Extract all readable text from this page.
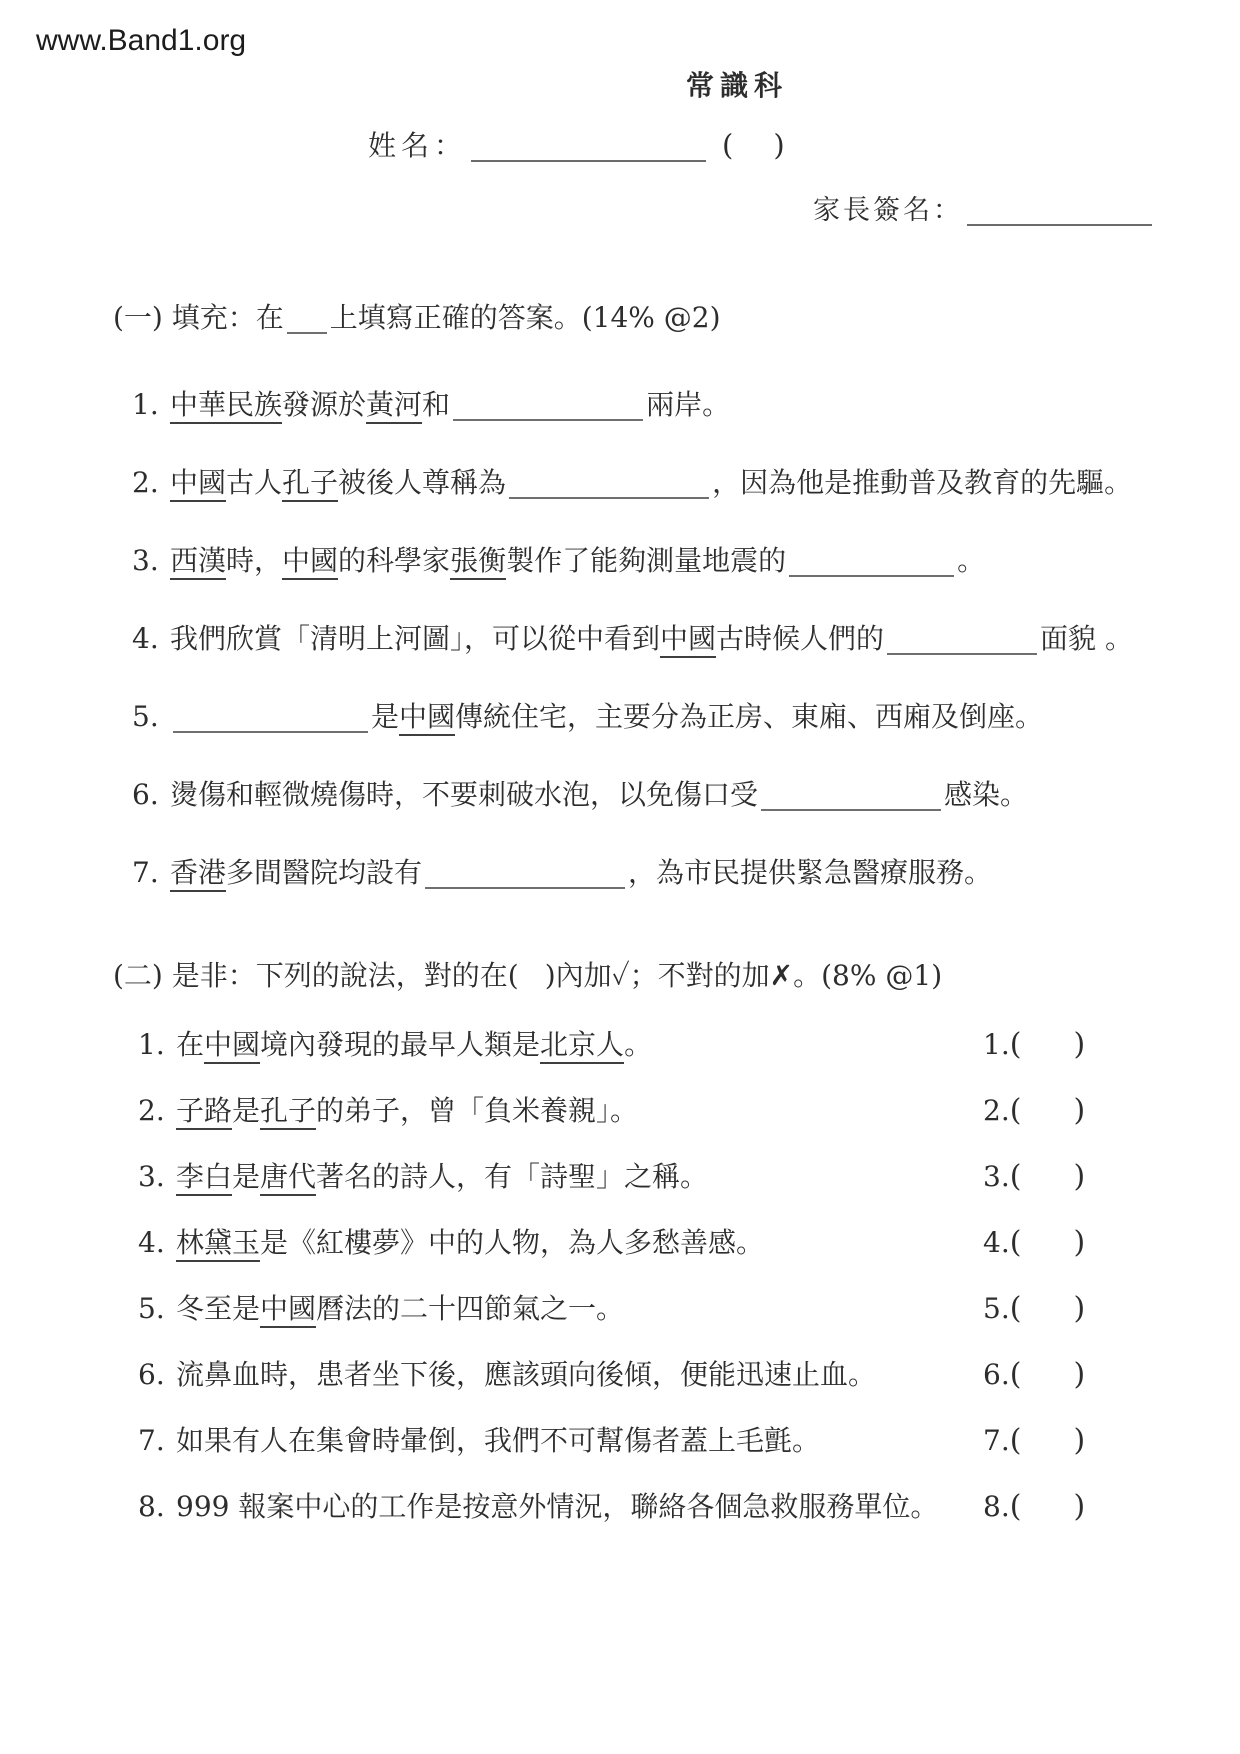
www.Band1.org
常識科
姓名：	( )
家長簽名：
(一) 填充：在 上填寫正確的答案。(14% @2)
1. 中華民族發源於黃河和	兩岸。
2. 中國古人孔子被後人尊稱為	，因為他是推動普及教育的先驅。
3. 西漢時，中國的科學家張衡製作了能夠測量地震的	。
4. 我們欣賞「清明上河圖」，可以從中看到中國古時候人們的	面貌 。
5.	是中國傳統住宅，主要分為正房、東廂、西廂及倒座。
6. 燙傷和輕微燒傷時，不要刺破水泡，以免傷口受	感染。
7. 香港多間醫院均設有	，為市民提供緊急醫療服務。
(二) 是非：下列的說法，對的在( )內加✓；不對的加✗。(8% @1)
1. 在中國境內發現的最早人類是北京人。	1.( )
2. 子路是孔子的弟子，曾「負米養親」。	2.( )
3. 李白是唐代著名的詩人，有「詩聖」之稱。	3.( )
4. 林黛玉是《紅樓夢》中的人物，為人多愁善感。	4.( )
5. 冬至是中國曆法的二十四節氣之一。	5.( )
6. 流鼻血時，患者坐下後，應該頭向後傾，便能迅速止血。	6.( )
7. 如果有人在集會時暈倒，我們不可幫傷者蓋上毛氈。	7.( )
8. 999 報案中心的工作是按意外情況，聯絡各個急救服務單位。 8.( )
